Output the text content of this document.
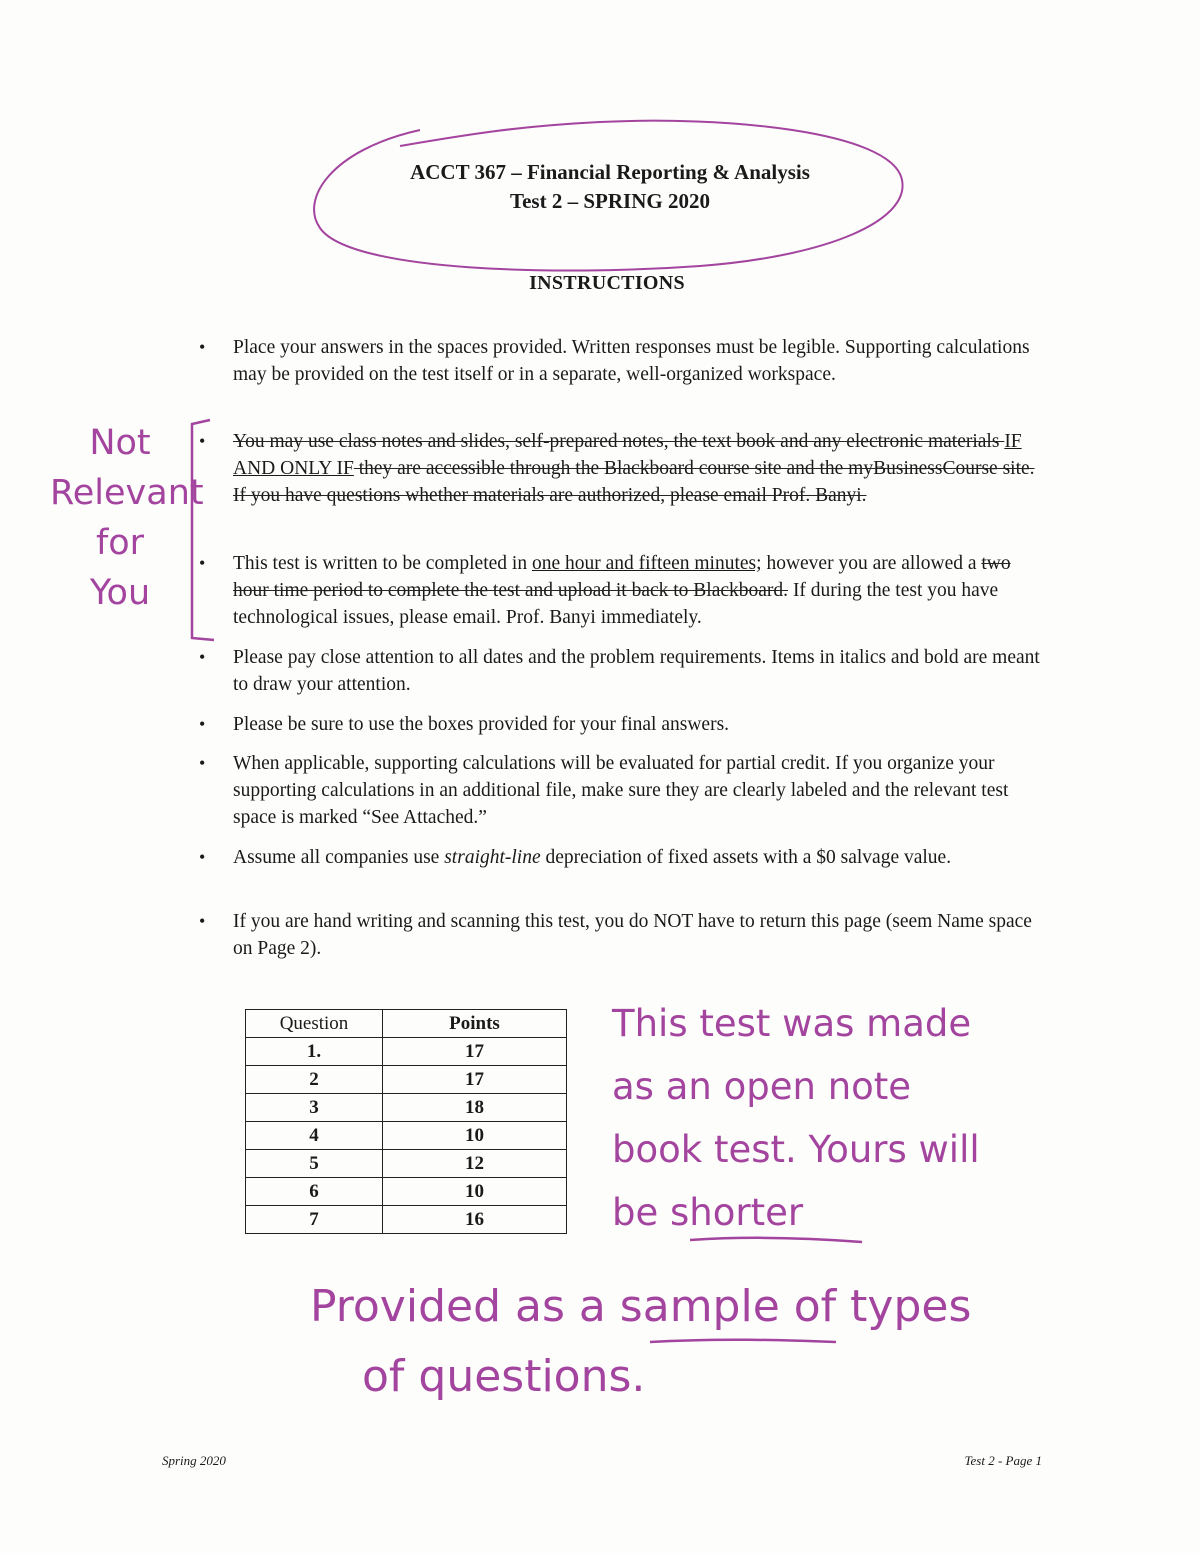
ACCT 367 – Financial Reporting & Analysis
Test 2 – SPRING 2020
INSTRUCTIONS
• Place your answers in the spaces provided. Written responses must be legible. Supporting calculations may be provided on the test itself or in a separate, well-organized workspace.
• You may use class notes and slides, self-prepared notes, the text book and any electronic materials IF AND ONLY IF they are accessible through the Blackboard course site and the myBusinessCourse site. If you have questions whether materials are authorized, please email Prof. Banyi.
• This test is written to be completed in one hour and fifteen minutes; however you are allowed a two hour time period to complete the test and upload it back to Blackboard. If during the test you have technological issues, please email. Prof. Banyi immediately.
• Please pay close attention to all dates and the problem requirements. Items in italics and bold are meant to draw your attention.
• Please be sure to use the boxes provided for your final answers.
• When applicable, supporting calculations will be evaluated for partial credit. If you organize your supporting calculations in an additional file, make sure they are clearly labeled and the relevant test space is marked “See Attached.”
• Assume all companies use straight-line depreciation of fixed assets with a $0 salvage value.
• If you are hand writing and scanning this test, you do NOT have to return this page (seem Name space on Page 2).
Question	Points
1.	17
2	17
3	18
4	10
5	12
6	10
7	16
Spring 2020	Test 2 - Page 1
Not
Relevant
for
You
This test was made
as an open note
book test. Yours will
be shorter
Provided as a sample of types
of questions.
